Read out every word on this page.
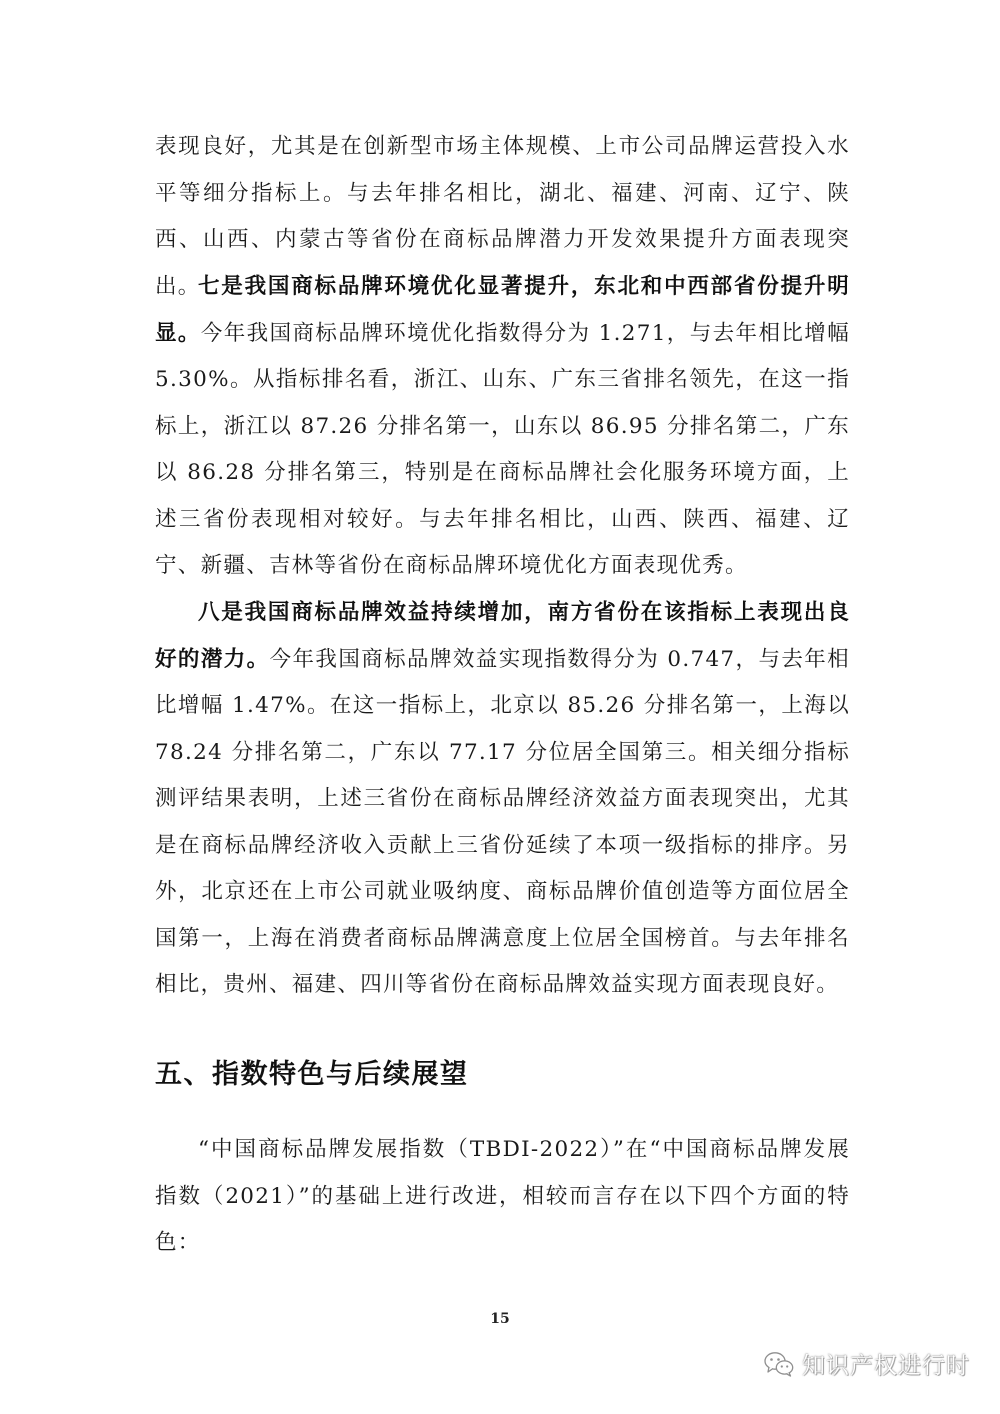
表现良好，尤其是在创新型市场主体规模、上市公司品牌运营投入水平等细分指标上。与去年排名相比，湖北、福建、河南、辽宁、陕西、山西、内蒙古等省份在商标品牌潜力开发效果提升方面表现突出。

七是我国商标品牌环境优化显著提升，东北和中西部省份提升明显。今年我国商标品牌环境优化指数得分为 1.271，与去年相比增幅 5.30%。从指标排名看，浙江、山东、广东三省排名领先，在这一指标上，浙江以 87.26 分排名第一，山东以 86.95 分排名第二，广东以 86.28 分排名第三，特别是在商标品牌社会化服务环境方面，上述三省份表现相对较好。与去年排名相比，山西、陕西、福建、辽宁、新疆、吉林等省份在商标品牌环境优化方面表现优秀。

八是我国商标品牌效益持续增加，南方省份在该指标上表现出良好的潜力。今年我国商标品牌效益实现指数得分为 0.747，与去年相比增幅 1.47%。在这一指标上，北京以 85.26 分排名第一，上海以 78.24 分排名第二，广东以 77.17 分位居全国第三。相关细分指标测评结果表明，上述三省份在商标品牌经济效益方面表现突出，尤其是在商标品牌经济收入贡献上三省份延续了本项一级指标的排序。另外，北京还在上市公司就业吸纳度、商标品牌价值创造等方面位居全国第一，上海在消费者商标品牌满意度上位居全国榜首。与去年排名相比，贵州、福建、四川等省份在商标品牌效益实现方面表现良好。

五、指数特色与后续展望

“中国商标品牌发展指数（TBDI-2022）”在“中国商标品牌发展指数（2021）”的基础上进行改进，相较而言存在以下四个方面的特色：

15
知识产权进行时
